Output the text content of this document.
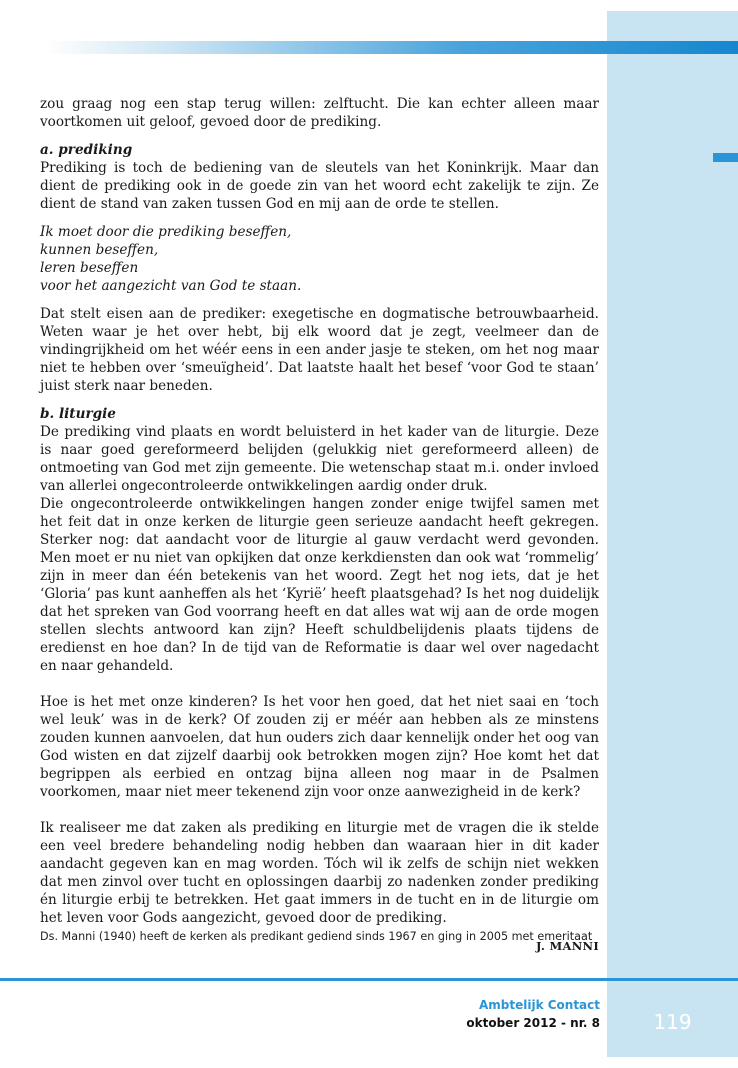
zou graag nog een stap terug willen: zelftucht. Die kan echter alleen maar voortkomen uit geloof, gevoed door de prediking.

a. prediking

Prediking is toch de bediening van de sleutels van het Koninkrijk. Maar dan dient de prediking ook in de goede zin van het woord echt zakelijk te zijn. Ze dient de stand van zaken tussen God en mij aan de orde te stellen.

Ik moet door die prediking beseffen,
kunnen beseffen,
leren beseffen
voor het aangezicht van God te staan.

Dat stelt eisen aan de prediker: exegetische en dogmatische betrouwbaarheid. Weten waar je het over hebt, bij elk woord dat je zegt, veelmeer dan de vindingrijkheid om het wéér eens in een ander jasje te steken, om het nog maar niet te hebben over ‘smeuïgheid’. Dat laatste haalt het besef ‘voor God te staan’ juist sterk naar beneden.

b. liturgie

De prediking vind plaats en wordt beluisterd in het kader van de liturgie. Deze is naar goed gereformeerd belijden (gelukkig niet gereformeerd alleen) de ontmoeting van God met zijn gemeente. Die wetenschap staat m.i. onder invloed van allerlei ongecontroleerde ontwikkelingen aardig onder druk.

Die ongecontroleerde ontwikkelingen hangen zonder enige twijfel samen met het feit dat in onze kerken de liturgie geen serieuze aandacht heeft gekregen. Sterker nog: dat aandacht voor de liturgie al gauw verdacht werd gevonden. Men moet er nu niet van opkijken dat onze kerkdiensten dan ook wat ‘rommelig’ zijn in meer dan één betekenis van het woord. Zegt het nog iets, dat je het ‘Gloria’ pas kunt aanheffen als het ‘Kyrië’ heeft plaatsgehad? Is het nog duidelijk dat het spreken van God voorrang heeft en dat alles wat wij aan de orde mogen stellen slechts antwoord kan zijn? Heeft schuldbelijdenis plaats tijdens de eredienst en hoe dan? In de tijd van de Reformatie is daar wel over nagedacht en naar gehandeld.

Hoe is het met onze kinderen? Is het voor hen goed, dat het niet saai en ‘toch wel leuk’ was in de kerk? Of zouden zij er méér aan hebben als ze minstens zouden kunnen aanvoelen, dat hun ouders zich daar kennelijk onder het oog van God wisten en dat zijzelf daarbij ook betrokken mogen zijn? Hoe komt het dat begrippen als eerbied en ontzag bijna alleen nog maar in de Psalmen voorkomen, maar niet meer tekenend zijn voor onze aanwezigheid in de kerk?

Ik realiseer me dat zaken als prediking en liturgie met de vragen die ik stelde een veel bredere behandeling nodig hebben dan waaraan hier in dit kader aandacht gegeven kan en mag worden. Tóch wil ik zelfs de schijn niet wekken dat men zinvol over tucht en oplossingen daarbij zo nadenken zonder prediking én liturgie erbij te betrekken. Het gaat immers in de tucht en in de liturgie om het leven voor Gods aangezicht, gevoed door de prediking.

J. MANNI

Ds. Manni (1940) heeft de kerken als predikant gediend sinds 1967 en ging in 2005 met emeritaat
Ambtelijk Contact
oktober 2012 - nr. 8	119
